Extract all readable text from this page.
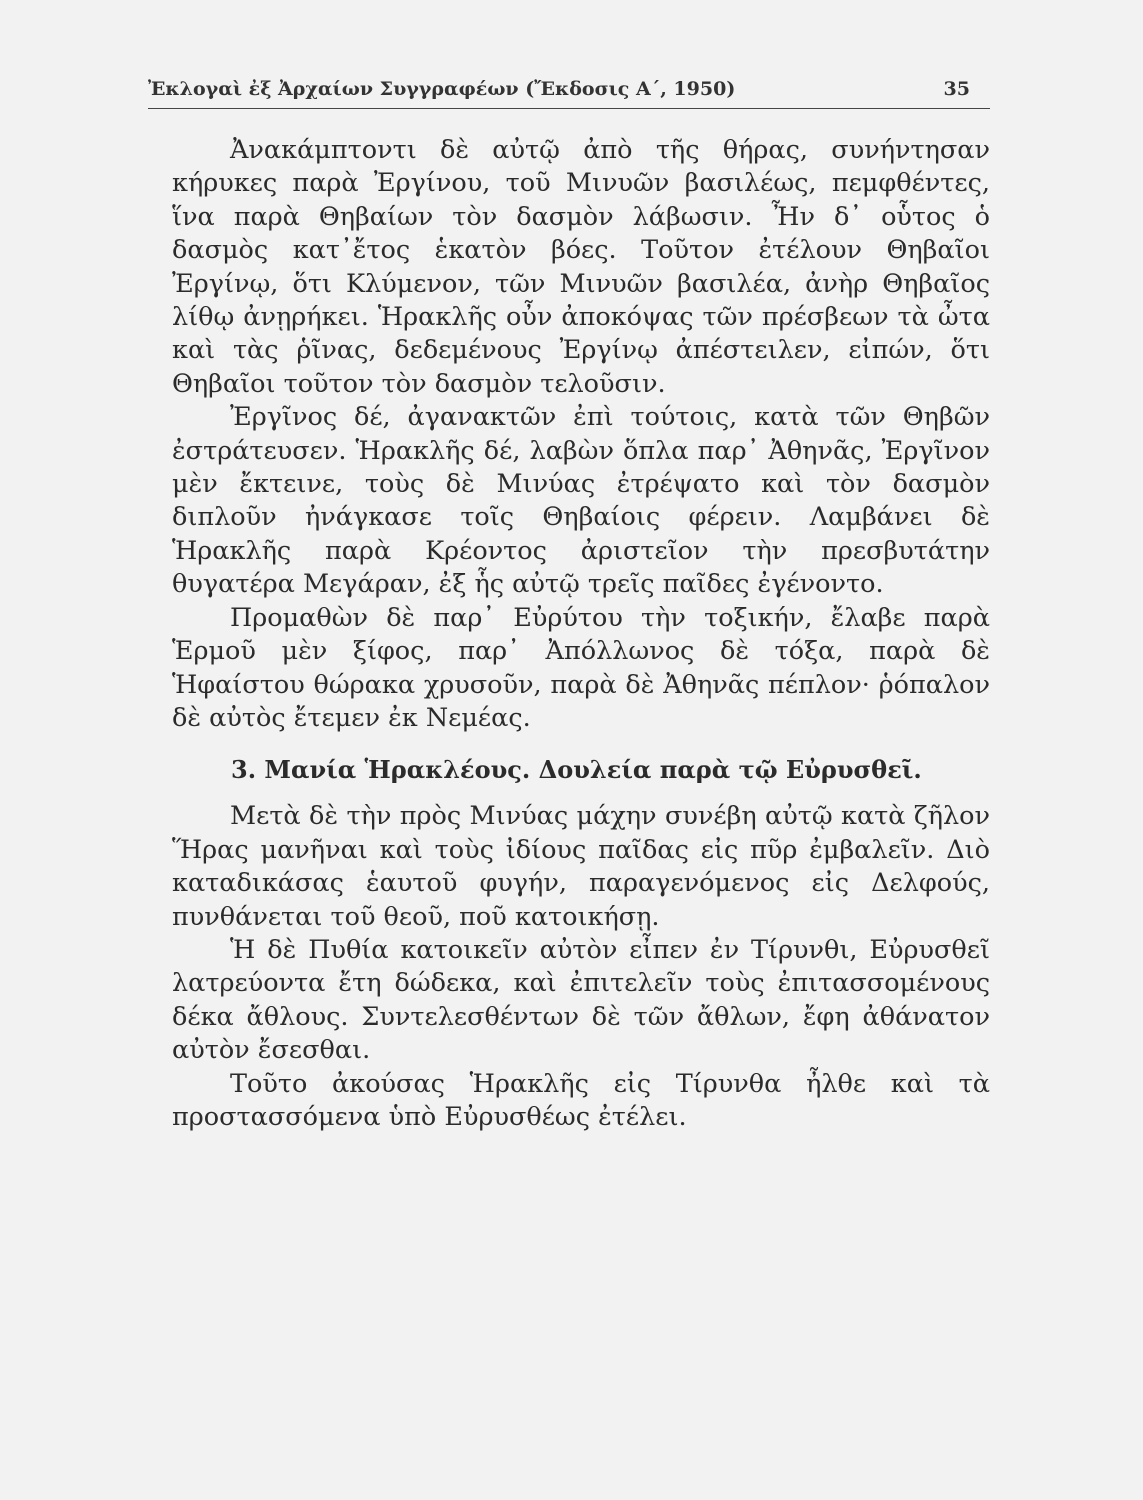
Ἐκλογαὶ ἐξ Ἀρχαίων Συγγραφέων (Ἔκδοσις Α΄, 1950)	35

Ἀνακάμπτοντι δὲ αὐτῷ ἀπὸ τῆς θήρας, συνήντησαν κήρυκες παρὰ Ἐργίνου, τοῦ Μινυῶν βασιλέως, πεμφθέντες, ἵνα παρὰ Θηβαίων τὸν δασμὸν λάβωσιν. Ἦν δ᾽ οὗτος ὁ δασμὸς κατ᾽ἔτος ἑκατὸν βόες. Τοῦτον ἐτέλουν Θηβαῖοι Ἐργίνῳ, ὅτι Κλύμενον, τῶν Μινυῶν βασιλέα, ἀνὴρ Θηβαῖος λίθῳ ἀνῃρήκει. Ἡρακλῆς οὖν ἀποκόψας τῶν πρέσβεων τὰ ὦτα καὶ τὰς ῥῖνας, δεδεμένους Ἐργίνῳ ἀπέστειλεν, εἰπών, ὅτι Θηβαῖοι τοῦτον τὸν δασμὸν τελοῦσιν.

Ἐργῖνος δέ, ἀγανακτῶν ἐπὶ τούτοις, κατὰ τῶν Θηβῶν ἐστράτευσεν. Ἡρακλῆς δέ, λαβὼν ὅπλα παρ᾽ Ἀθηνᾶς, Ἐργῖνον μὲν ἔκτεινε, τοὺς δὲ Μινύας ἐτρέψατο καὶ τὸν δασμὸν διπλοῦν ἠνάγκασε τοῖς Θηβαίοις φέρειν. Λαμβάνει δὲ Ἡρακλῆς παρὰ Κρέοντος ἀριστεῖον τὴν πρεσβυτάτην θυγατέρα Μεγάραν, ἐξ ἧς αὐτῷ τρεῖς παῖδες ἐγένοντο.

Προμαθὼν δὲ παρ᾽ Εὐρύτου τὴν τοξικήν, ἔλαβε παρὰ Ἑρμοῦ μὲν ξίφος, παρ᾽ Ἀπόλλωνος δὲ τόξα, παρὰ δὲ Ἡφαίστου θώρακα χρυσοῦν, παρὰ δὲ Ἀθηνᾶς πέπλον· ῥόπαλον δὲ αὐτὸς ἔτεμεν ἐκ Νεμέας.

3. Μανία Ἡρακλέους. Δουλεία παρὰ τῷ Εὐρυσθεῖ.

Μετὰ δὲ τὴν πρὸς Μινύας μάχην συνέβη αὐτῷ κατὰ ζῆλον Ἥρας μανῆναι καὶ τοὺς ἰδίους παῖδας εἰς πῦρ ἐμβαλεῖν. Διὸ καταδικάσας ἑαυτοῦ φυγήν, παραγενόμενος εἰς Δελφούς, πυνθάνεται τοῦ θεοῦ, ποῦ κατοικήσῃ.

Ἡ δὲ Πυθία κατοικεῖν αὐτὸν εἶπεν ἐν Τίρυνθι, Εὐρυσθεῖ λατρεύοντα ἔτη δώδεκα, καὶ ἐπιτελεῖν τοὺς ἐπιτασσομένους δέκα ἄθλους. Συντελεσθέντων δὲ τῶν ἄθλων, ἔφη ἀθάνατον αὐτὸν ἔσεσθαι.

Τοῦτο ἀκούσας Ἡρακλῆς εἰς Τίρυνθα ἦλθε καὶ τὰ προστασσόμενα ὑπὸ Εὐρυσθέως ἐτέλει.
